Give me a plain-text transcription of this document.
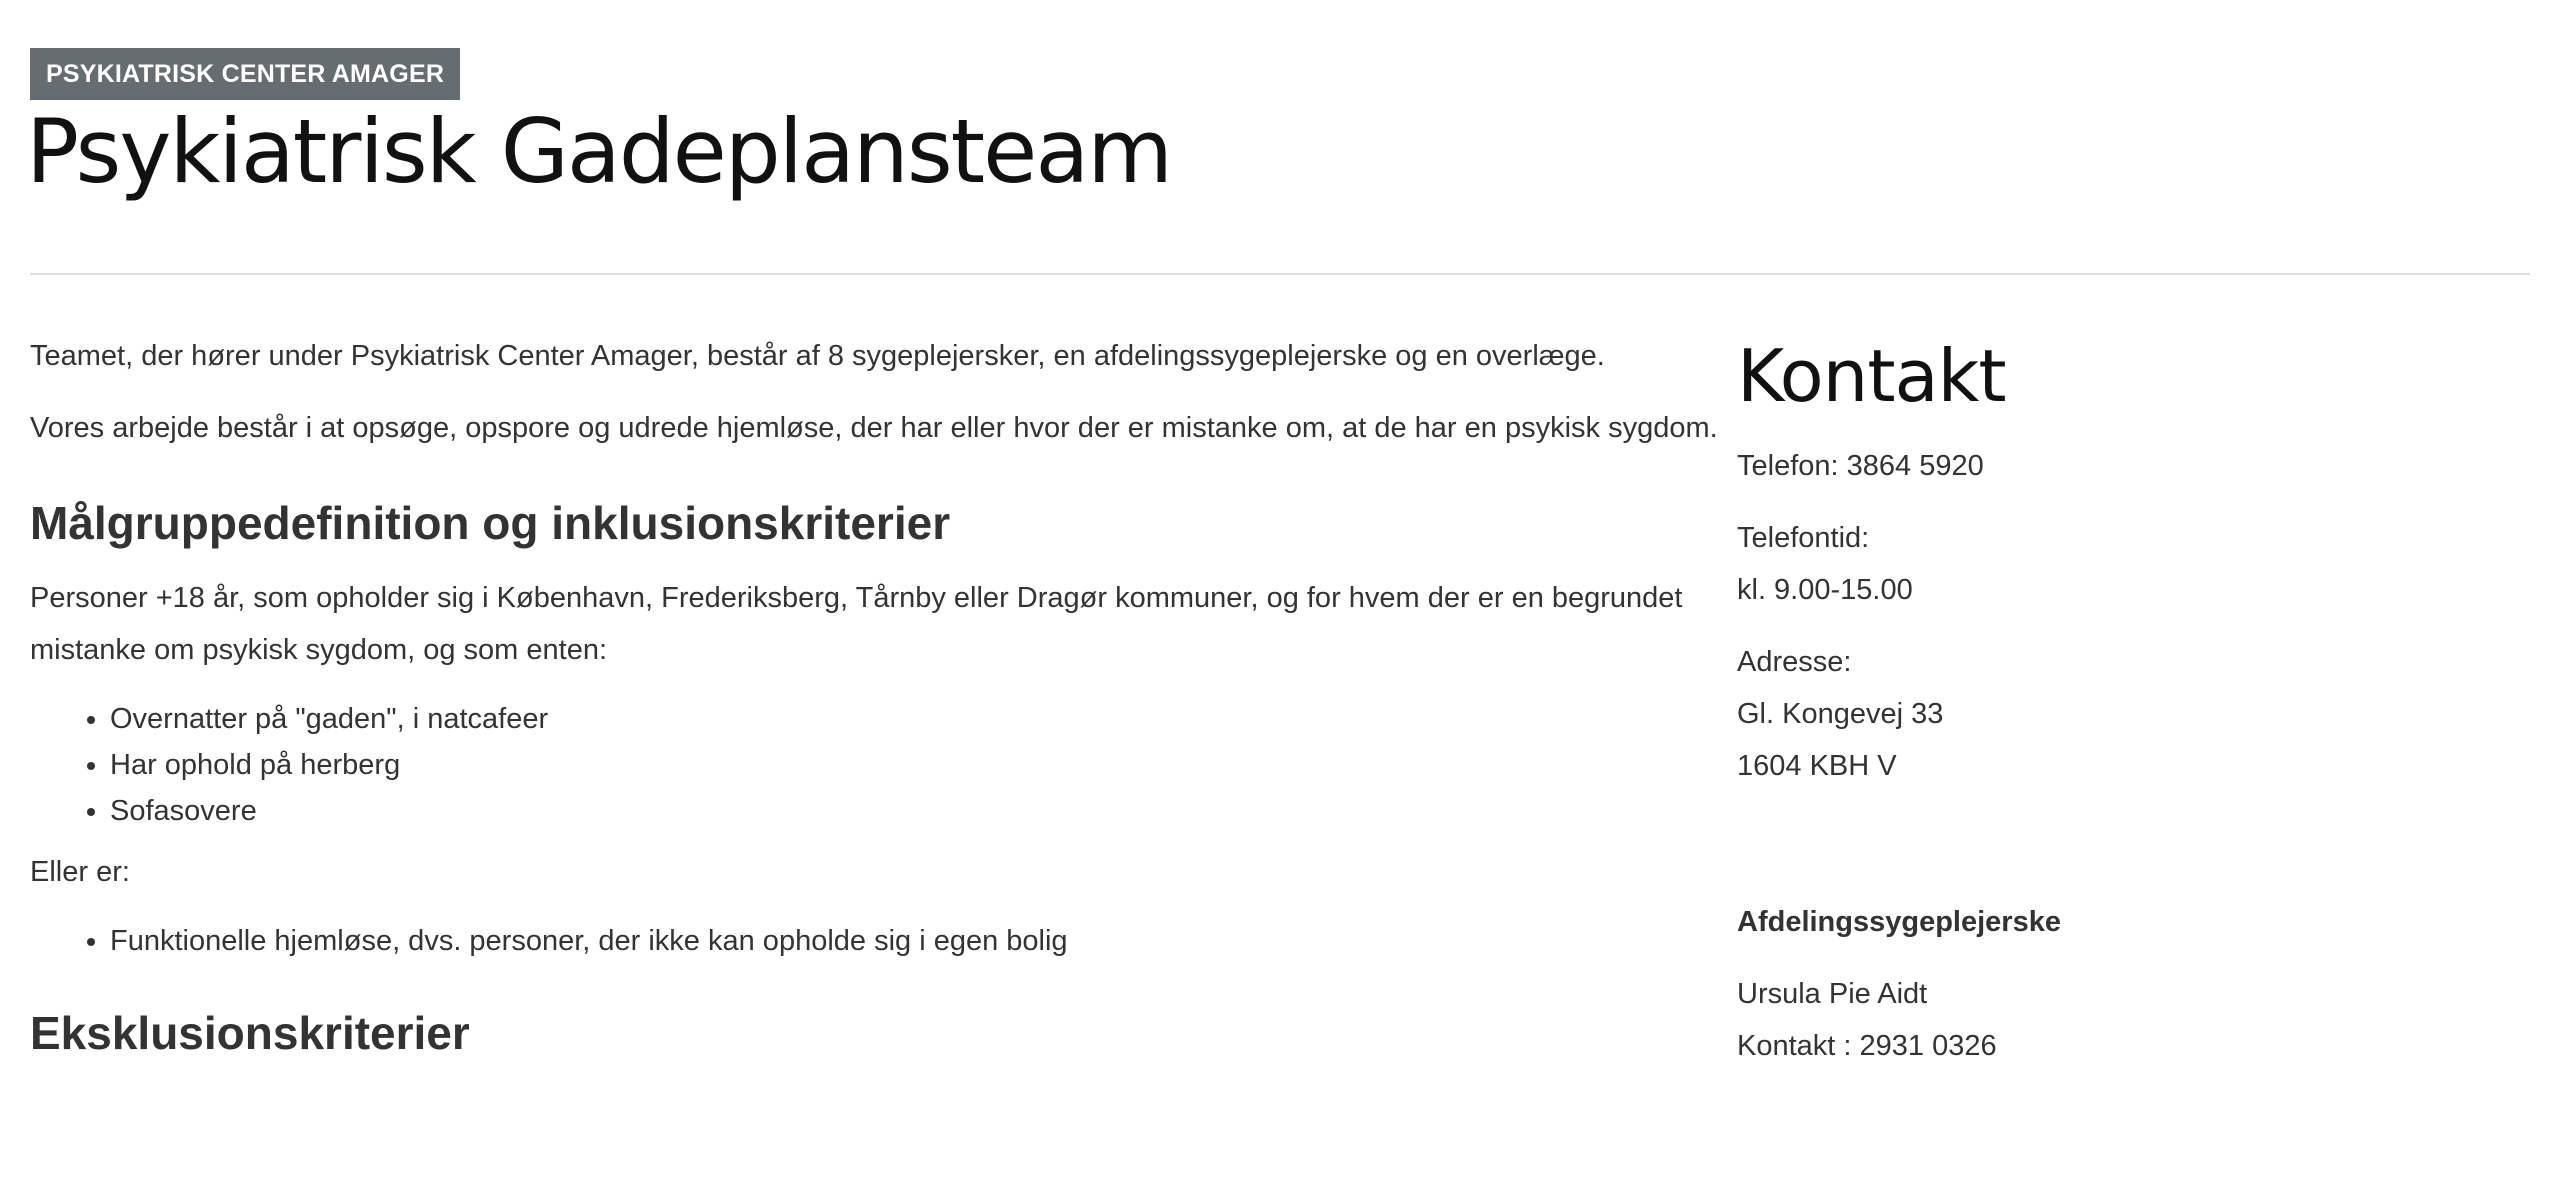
PSYKIATRISK CENTER AMAGER
Psykiatrisk Gadeplansteam

Teamet, der hører under Psykiatrisk Center Amager, består af 8 sygeplejersker, en afdelingssygeplejerske og en overlæge.

Vores arbejde består i at opsøge, opspore og udrede hjemløse, der har eller hvor der er mistanke om, at de har en psykisk sygdom.

Målgruppedefinition og inklusionskriterier

Personer +18 år, som opholder sig i København, Frederiksberg, Tårnby eller Dragør kommuner, og for hvem der er en begrundet mistanke om psykisk sygdom, og som enten:

• Overnatter på "gaden", i natcafeer
• Har ophold på herberg
• Sofasovere

Eller er:

• Funktionelle hjemløse, dvs. personer, der ikke kan opholde sig i egen bolig
Eksklusionskriterier
Kontakt
Telefon: 3864 5920
Telefontid:
kl. 9.00-15.00
Adresse:
Gl. Kongevej 33
1604 KBH V
Afdelingssygeplejerske
Ursula Pie Aidt
Kontakt : 2931 0326
